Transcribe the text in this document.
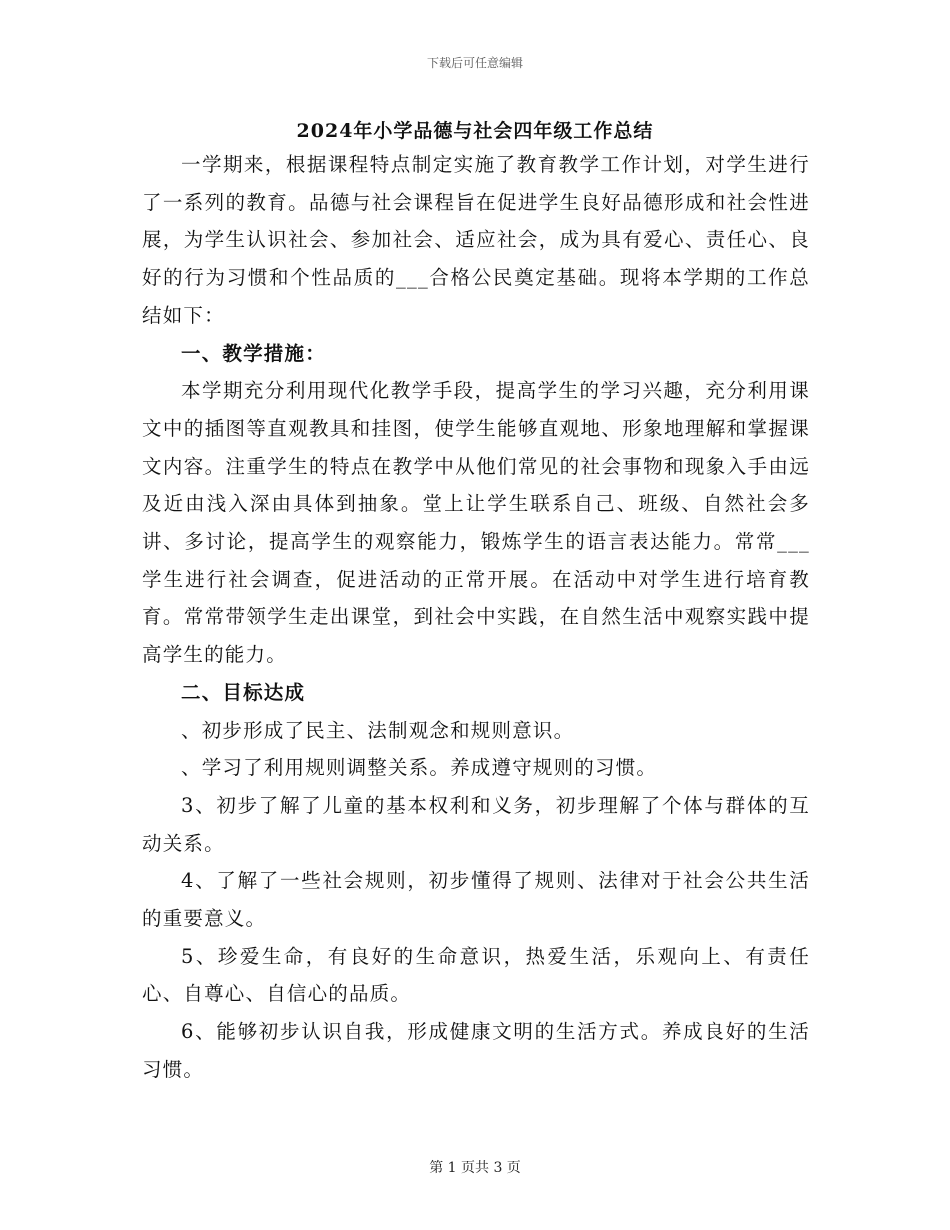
下载后可任意编辑
2024年小学品德与社会四年级工作总结

一学期来，根据课程特点制定实施了教育教学工作计划，对学生进行了一系列的教育。品德与社会课程旨在促进学生良好品德形成和社会性进展，为学生认识社会、参加社会、适应社会，成为具有爱心、责任心、良好的行为习惯和个性品质的___合格公民奠定基础。现将本学期的工作总结如下：

一、教学措施：

本学期充分利用现代化教学手段，提高学生的学习兴趣，充分利用课文中的插图等直观教具和挂图，使学生能够直观地、形象地理解和掌握课文内容。注重学生的特点在教学中从他们常见的社会事物和现象入手由远及近由浅入深由具体到抽象。堂上让学生联系自己、班级、自然社会多讲、多讨论，提高学生的观察能力，锻炼学生的语言表达能力。常常___学生进行社会调查，促进活动的正常开展。在活动中对学生进行培育教育。常常带领学生走出课堂，到社会中实践，在自然生活中观察实践中提高学生的能力。

二、目标达成

、初步形成了民主、法制观念和规则意识。

、学习了利用规则调整关系。养成遵守规则的习惯。

3、初步了解了儿童的基本权利和义务，初步理解了个体与群体的互动关系。

4、了解了一些社会规则，初步懂得了规则、法律对于社会公共生活的重要意义。

5、珍爱生命，有良好的生命意识，热爱生活，乐观向上、有责任心、自尊心、自信心的品质。

6、能够初步认识自我，形成健康文明的生活方式。养成良好的生活习惯。

第 1 页共 3 页
